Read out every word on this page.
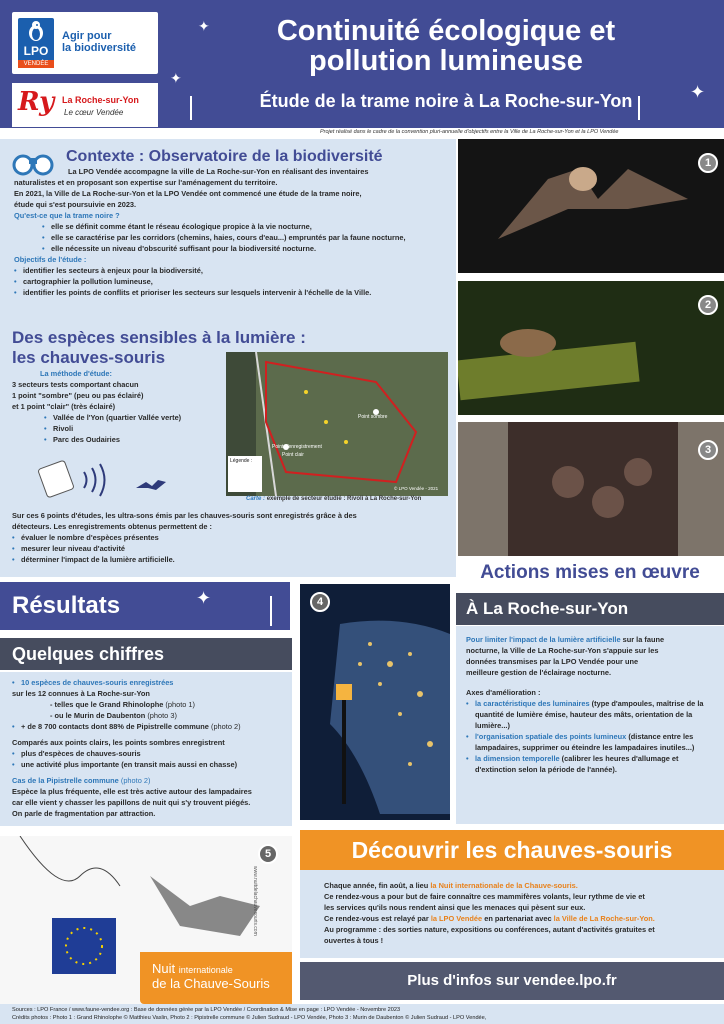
LPO
VENDÉE
Agir pour
la biodiversité
Ry La Roche-sur-Yon
Le cœur Vendée
Continuité écologique et
pollution lumineuse
Étude de la trame noire à La Roche-sur-Yon
✦
✦
✦
Projet réalisé dans le cadre de la convention pluri-annuelle d'objectifs entre la Ville de La Roche-sur-Yon et la LPO Vendée
Contexte : Observatoire de la biodiversité
La LPO Vendée accompagne la ville de La Roche-sur-Yon en réalisant des inventaires
naturalistes et en proposant son expertise sur l'aménagement du territoire.
En 2021, la Ville de La Roche-sur-Yon et la LPO Vendée ont commencé une étude de la trame noire,
étude qui s'est poursuivie en 2023.
Qu'est-ce que la trame noire ?
• elle se définit comme étant le réseau écologique propice à la vie nocturne,
• elle se caractérise par les corridors (chemins, haies, cours d'eau...) empruntés par la faune nocturne,
• elle nécessite un niveau d'obscurité suffisant pour la biodiversité nocturne.
Objectifs de l'étude :
• identifier les secteurs à enjeux pour la biodiversité,
• cartographier la pollution lumineuse,
• identifier les points de conflits et prioriser les secteurs sur lesquels intervenir à l'échelle de la Ville.
Des espèces sensibles à la lumière :
les chauves-souris
La méthode d'étude:
3 secteurs tests comportant chacun
1 point "sombre" (peu ou pas éclairé)
et 1 point "clair" (très éclairé)
• Vallée de l'Yon (quartier Vallée verte)
• Rivoli
• Parc des Oudairies
Point sombre
Point d'enregistrement
Point clair
Légende :
© LPO Vendée - 2021
Carte : exemple de secteur étudié : Rivoli à La Roche-sur-Yon
Sur ces 6 points d'études, les ultra-sons émis par les chauves-souris sont enregistrés grâce à des
détecteurs. Les enregistrements obtenus permettent de :
• évaluer le nombre d'espèces présentes
• mesurer leur niveau d'activité
• déterminer l'impact de la lumière artificielle.
1
2
3
Résultats	✦
Quelques chiffres
• 10 espèces de chauves-souris enregistrées
sur les 12 connues à La Roche-sur-Yon
- telles que le Grand Rhinolophe (photo 1)
- ou le Murin de Daubenton (photo 3)
• + de 8 700 contacts dont 88% de Pipistrelle commune (photo 2)
Comparés aux points clairs, les points sombres enregistrent
• plus d'espèces de chauves-souris
• une activité plus importante (en transit mais aussi en chasse)
Cas de la Pipistrelle commune (photo 2)
Espèce la plus fréquente, elle est très active autour des lampadaires
car elle vient y chasser les papillons de nuit qui s'y trouvent piégés.
On parle de fragmentation par attraction.
5
www.nuitdelachauvesouris.com
Nuit internationale
de la Chauve-Souris
4
Actions mises en œuvre
À La Roche-sur-Yon
Pour limiter l'impact de la lumière artificielle sur la faune
nocturne, la Ville de La Roche-sur-Yon s'appuie sur les
données transmises par la LPO Vendée pour une
meilleure gestion de l'éclairage nocturne.
Axes d'amélioration :
• la caractéristique des luminaires (type d'ampoules, maîtrise de la quantité de lumière émise, hauteur des mâts, orientation de la lumière...)
• l'organisation spatiale des points lumineux (distance entre les lampadaires, supprimer ou éteindre les lampadaires inutiles...)
• la dimension temporelle (calibrer les heures d'allumage et d'extinction selon la période de l'année).
Découvrir les chauves-souris
Chaque année, fin août, a lieu la Nuit internationale de la Chauve-souris.
Ce rendez-vous a pour but de faire connaître ces mammifères volants, leur rythme de vie et
les services qu'ils nous rendent ainsi que les menaces qui pèsent sur eux.
Ce rendez-vous est relayé par la LPO Vendée en partenariat avec la Ville de La Roche-sur-Yon.
Au programme : des sorties nature, expositions ou conférences, autant d'activités gratuites et
ouvertes à tous !
Plus d'infos sur vendee.lpo.fr
Sources : LPO France / www.faune-vendee.org : Base de données gérée par la LPO Vendée / Coordination & Mise en page : LPO Vendée - Novembre 2023
Crédits photos : Photo 1 : Grand Rhinolophe © Matthieu Vaslin, Photo 2 : Pipistrelle commune © Julien Sudraud - LPO Vendée, Photo 3 : Murin de Daubenton © Julien Sudraud - LPO Vendée,
